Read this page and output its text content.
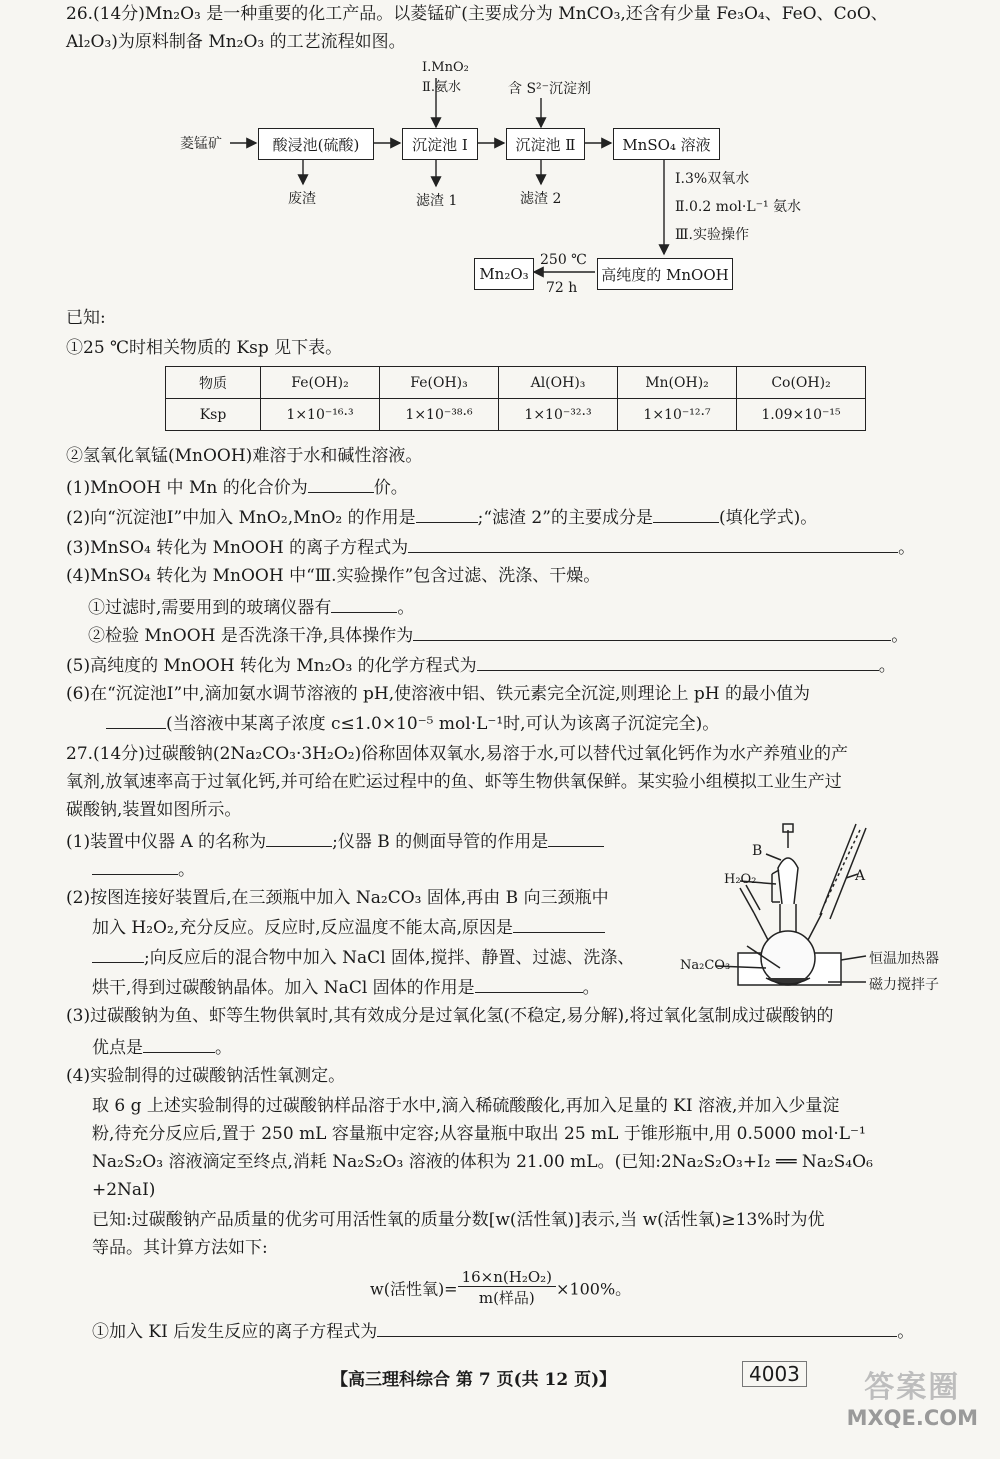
26.(14分)Mn₂O₃ 是一种重要的化工产品。以菱锰矿(主要成分为 MnCO₃,还含有少量 Fe₃O₄、FeO、CoO、
Al₂O₃)为原料制备 Mn₂O₃ 的工艺流程如图。
菱锰矿	酸浸池(硫酸)	沉淀池 Ⅰ	沉淀池 Ⅱ	MnSO₄ 溶液
高纯度的 MnOOH
Mn₂O₃
Ⅰ.MnO₂
Ⅱ.氨水	含 S²⁻沉淀剂
废渣	滤渣 1	滤渣 2
Ⅰ.3%双氧水
Ⅱ.0.2 mol·L⁻¹ 氨水
Ⅲ.实验操作
250 ℃
72 h
已知:
①25 ℃时相关物质的 Ksp 见下表。
物质	Fe(OH)₂	Fe(OH)₃	Al(OH)₃	Mn(OH)₂	Co(OH)₂
Ksp	1×10⁻¹⁶·³	1×10⁻³⁸·⁶	1×10⁻³²·³	1×10⁻¹²·⁷	1.09×10⁻¹⁵
②氢氧化氧锰(MnOOH)难溶于水和碱性溶液。
(1)MnOOH 中 Mn 的化合价为	价。
(2)向“沉淀池Ⅰ”中加入 MnO₂,MnO₂ 的作用是	;“滤渣 2”的主要成分是	(填化学式)。
(3)MnSO₄ 转化为 MnOOH 的离子方程式为	。
(4)MnSO₄ 转化为 MnOOH 中“Ⅲ.实验操作”包含过滤、洗涤、干燥。
①过滤时,需要用到的玻璃仪器有	。
②检验 MnOOH 是否洗涤干净,具体操作为	。
(5)高纯度的 MnOOH 转化为 Mn₂O₃ 的化学方程式为	。
(6)在“沉淀池Ⅰ”中,滴加氨水调节溶液的 pH,使溶液中铝、铁元素完全沉淀,则理论上 pH 的最小值为
(当溶液中某离子浓度 c≤1.0×10⁻⁵ mol·L⁻¹时,可认为该离子沉淀完全)。
27.(14分)过碳酸钠(2Na₂CO₃·3H₂O₂)俗称固体双氧水,易溶于水,可以替代过氧化钙作为水产养殖业的产
氧剂,放氧速率高于过氧化钙,并可给在贮运过程中的鱼、虾等生物供氧保鲜。某实验小组模拟工业生产过
碳酸钠,装置如图所示。
(1)装置中仪器 A 的名称为	;仪器 B 的侧面导管的作用是
。
(2)按图连接好装置后,在三颈瓶中加入 Na₂CO₃ 固体,再由 B 向三颈瓶中
加入 H₂O₂,充分反应。反应时,反应温度不能太高,原因是
;向反应后的混合物中加入 NaCl 固体,搅拌、静置、过滤、洗涤、
烘干,得到过碳酸钠晶体。加入 NaCl 固体的作用是	。
B
A
H₂O₂
Na₂CO₃	恒温加热器
磁力搅拌子
(3)过碳酸钠为鱼、虾等生物供氧时,其有效成分是过氧化氢(不稳定,易分解),将过氧化氢制成过碳酸钠的
优点是	。
(4)实验制得的过碳酸钠活性氧测定。
取 6 g 上述实验制得的过碳酸钠样品溶于水中,滴入稀硫酸酸化,再加入足量的 KI 溶液,并加入少量淀
粉,待充分反应后,置于 250 mL 容量瓶中定容;从容量瓶中取出 25 mL 于锥形瓶中,用 0.5000 mol·L⁻¹
Na₂S₂O₃ 溶液滴定至终点,消耗 Na₂S₂O₃ 溶液的体积为 21.00 mL。(已知:2Na₂S₂O₃+I₂ ══ Na₂S₄O₆
+2NaI)
已知:过碳酸钠产品质量的优劣可用活性氧的质量分数[w(活性氧)]表示,当 w(活性氧)≥13%时为优
等品。其计算方法如下:
w(活性氧)= $\frac{\text{16×n(H₂O₂)}}{\text{m(样品)}} \times 100\%$。
①加入 KI 后发生反应的离子方程式为	。
【高三理科综合 第 7 页(共 12 页)】	4003	答案圈
MXQE.COM
